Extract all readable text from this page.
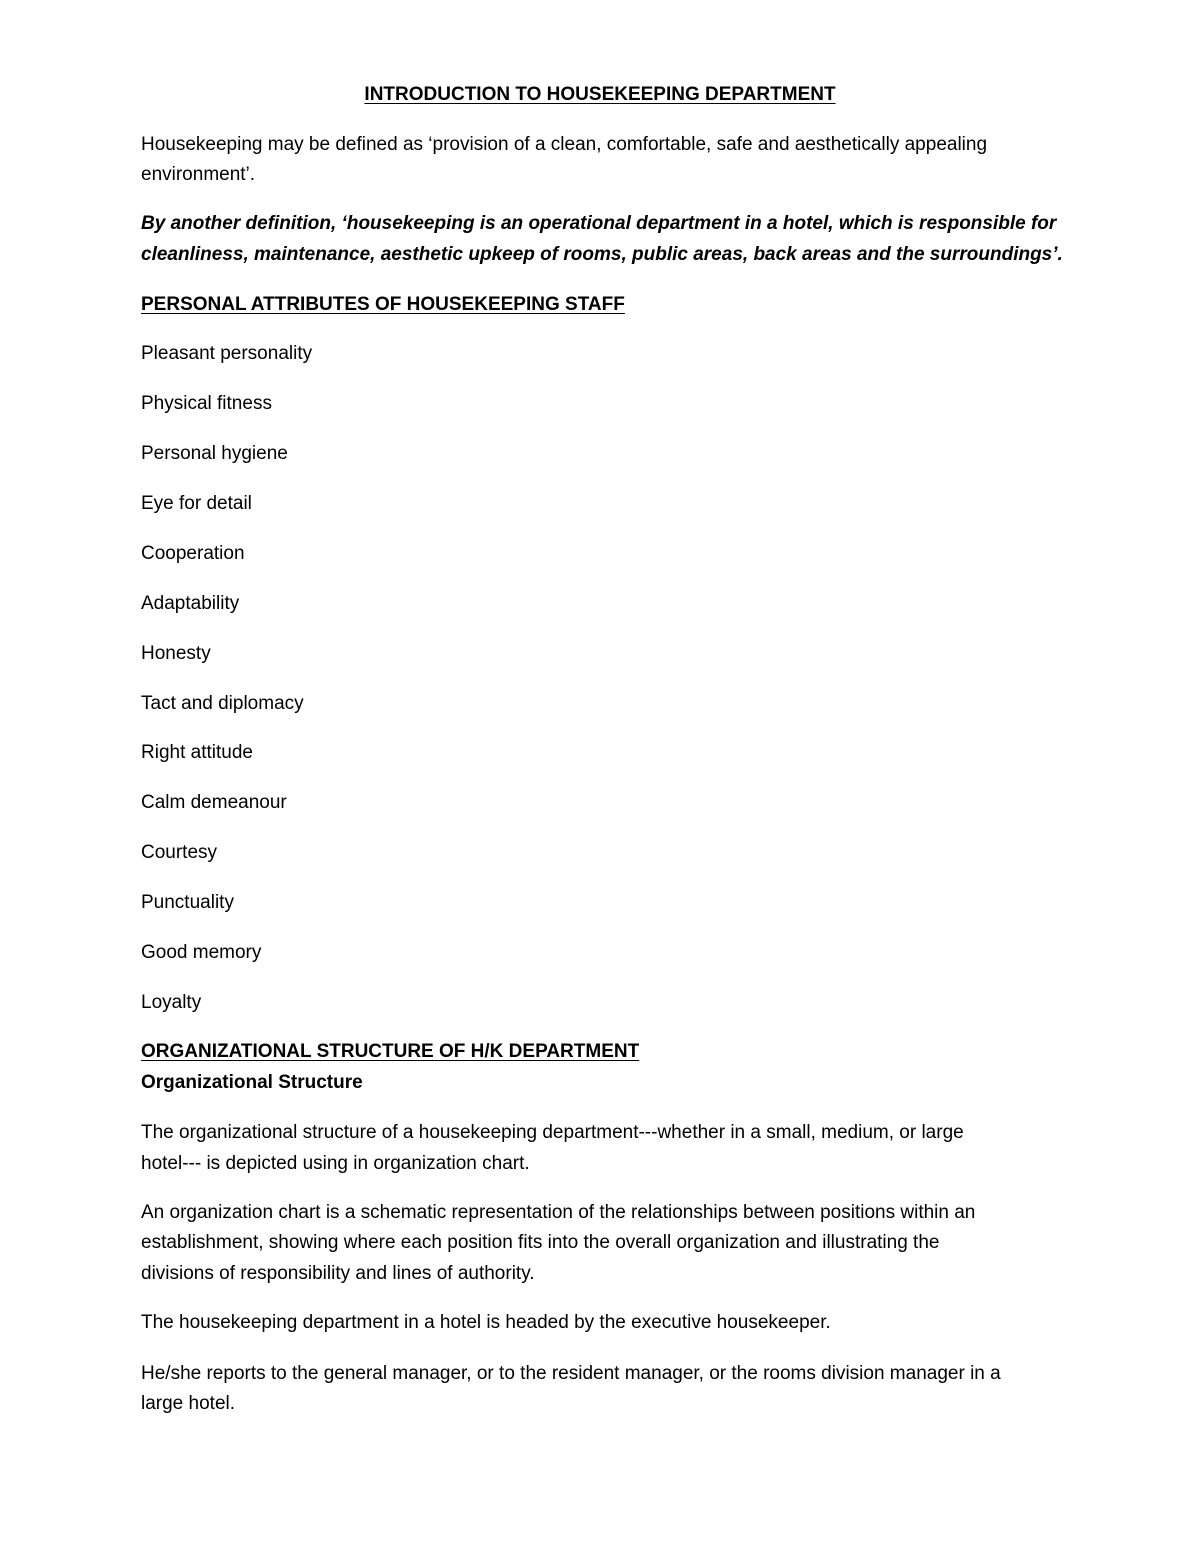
INTRODUCTION TO HOUSEKEEPING DEPARTMENT

Housekeeping may be defined as ‘provision of a clean, comfortable, safe and aesthetically appealing

environment’.

By another definition, ‘housekeeping is an operational department in a hotel, which is responsible for

cleanliness, maintenance, aesthetic upkeep of rooms, public areas, back areas and the surroundings’.

PERSONAL ATTRIBUTES OF HOUSEKEEPING STAFF

Pleasant personality

Physical fitness

Personal hygiene

Eye for detail

Cooperation

Adaptability

Honesty

Tact and diplomacy

Right attitude

Calm demeanour

Courtesy

Punctuality

Good memory

Loyalty

ORGANIZATIONAL STRUCTURE OF H/K DEPARTMENT

Organizational Structure

The organizational structure of a housekeeping department---whether in a small, medium, or large

hotel--- is depicted using in organization chart.

An organization chart is a schematic representation of the relationships between positions within an

establishment, showing where each position fits into the overall organization and illustrating the

divisions of responsibility and lines of authority.

The housekeeping department in a hotel is headed by the executive housekeeper.

He/she reports to the general manager, or to the resident manager, or the rooms division manager in a

large hotel.
